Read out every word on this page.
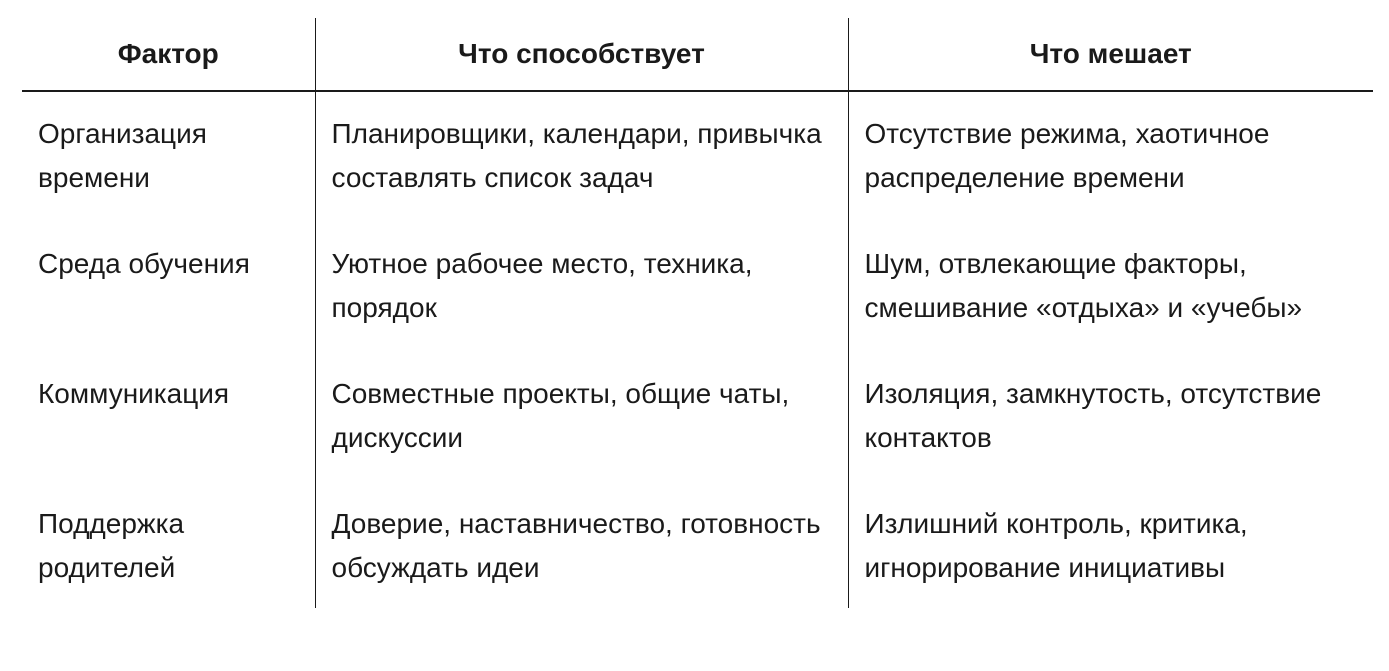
Фактор	Что способствует	Что мешает
Организация времени	Планировщики, календари, привычка составлять список задач	Отсутствие режима, хаотичное распределение времени
Среда обучения	Уютное рабочее место, техника, порядок	Шум, отвлекающие факторы, смешивание «отдыха» и «учебы»
Коммуникация	Совместные проекты, общие чаты, дискуссии	Изоляция, замкнутость, отсутствие контактов
Поддержка родителей	Доверие, наставничество, готовность обсуждать идеи	Излишний контроль, критика, игнорирование инициативы
